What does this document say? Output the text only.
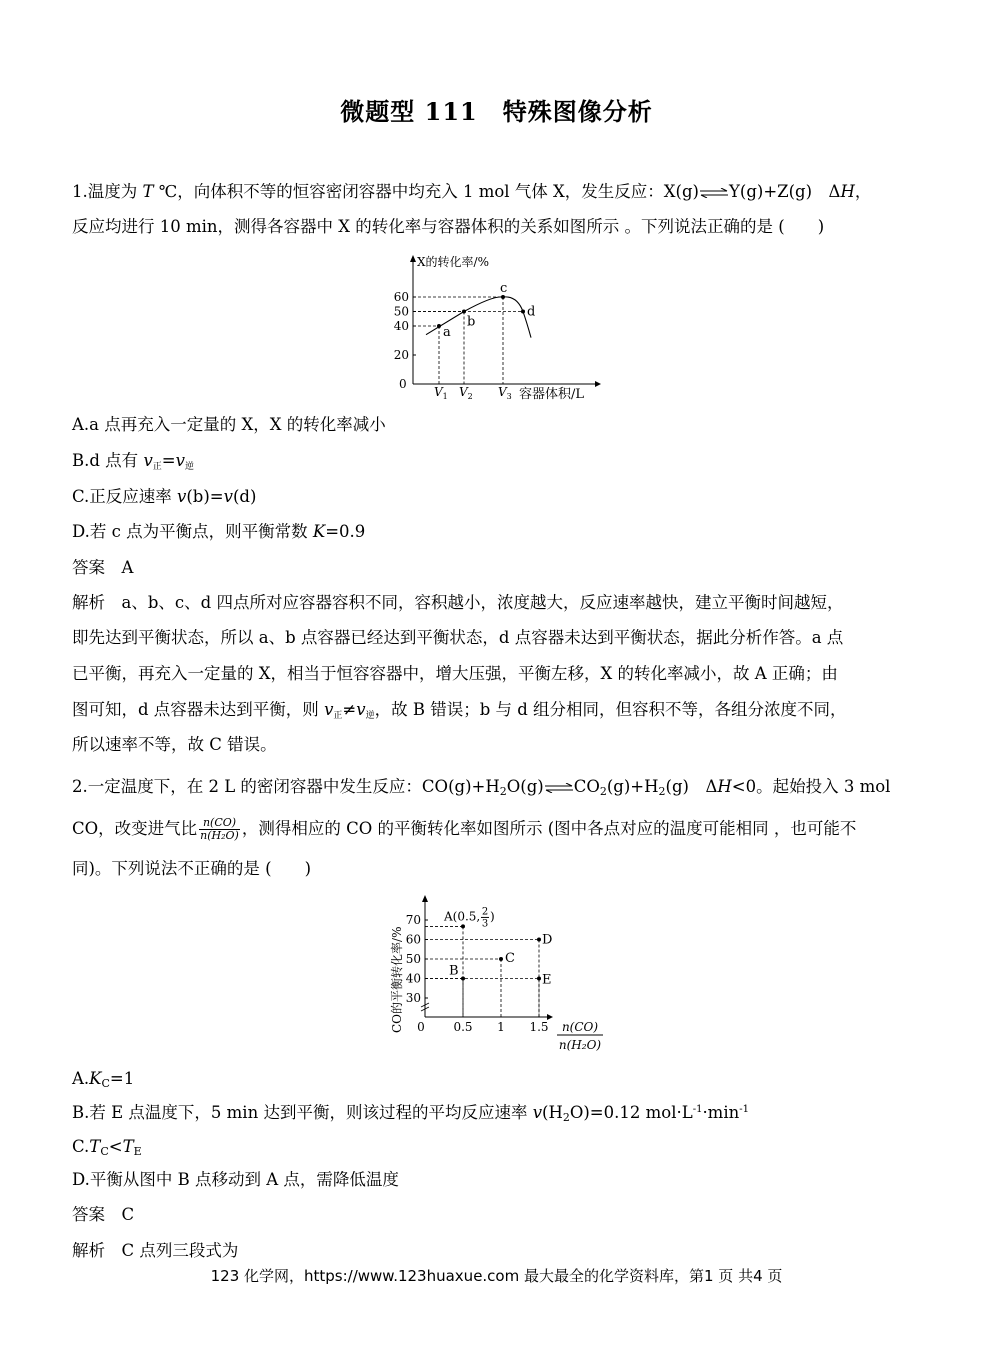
微题型 111　特殊图像分析
1.温度为 T ℃，向体积不等的恒容密闭容器中均充入 1 mol 气体 X，发生反应：X(g)⇌Y(g)+Z(g)　ΔH，
反应均进行 10 min，测得各容器中 X 的转化率与容器体积的关系如图所示 。下列说法正确的是 (　　)
X的转化率/%
容器体积/L
0
20
40
50
60
$V_1$ $V_2$ $V_3$
a
b
c
d
A.a 点再充入一定量的 X，X 的转化率减小
B.d 点有 $v_正=v_逆$
C.正反应速率 v(b)=v(d)
D.若 c 点为平衡点，则平衡常数 K=0.9
答案　A
解析　a、b、c、d 四点所对应容器容积不同，容积越小，浓度越大，反应速率越快，建立平衡时间越短，
即先达到平衡状态，所以 a、b 点容器已经达到平衡状态，d 点容器未达到平衡状态，据此分析作答。a 点
已平衡，再充入一定量的 X，相当于恒容容器中，增大压强，平衡左移，X 的转化率减小，故 A 正确；由
图可知，d 点容器未达到平衡，则 $v_正\ne v_逆$，故 B 错误；b 与 d 组分相同，但容积不等，各组分浓度不同，
所以速率不等，故 C 错误。
2.一定温度下，在 2 L 的密闭容器中发生反应：$CO(g)+H_2O(g)\rightleftharpoons CO_2(g)+H_2(g)$　ΔH<0。起始投入 3 mol
CO，改变进气比 $\frac{n(CO)}{\text{n(H₂O)}}$ ，测得相应的 CO 的平衡转化率如图所示 (图中各点对应的温度可能相同 ，也可能不
同)。下列说法不正确的是 (　　)
CO的平衡转化率/% 0
30
40
50
60
70
0.5 1 1.5 n(CO)
n(H₂O)
A(0.5, 2
3
)
B
C
D
E
$A.K_C=1$
B.若 E 点温度下，5 min 达到平衡，则该过程的平均反应速率 $v(H_2O)=0.12$ $mol\cdot L^{-1}\cdot\min^{-1}$
$C.T_C<T_E$
D.平衡从图中 B 点移动到 A 点，需降低温度
答案　C
解析　C 点列三段式为
123 化学网，https://www.123huaxue.com 最大最全的化学资料库，第1 页 共4 页
